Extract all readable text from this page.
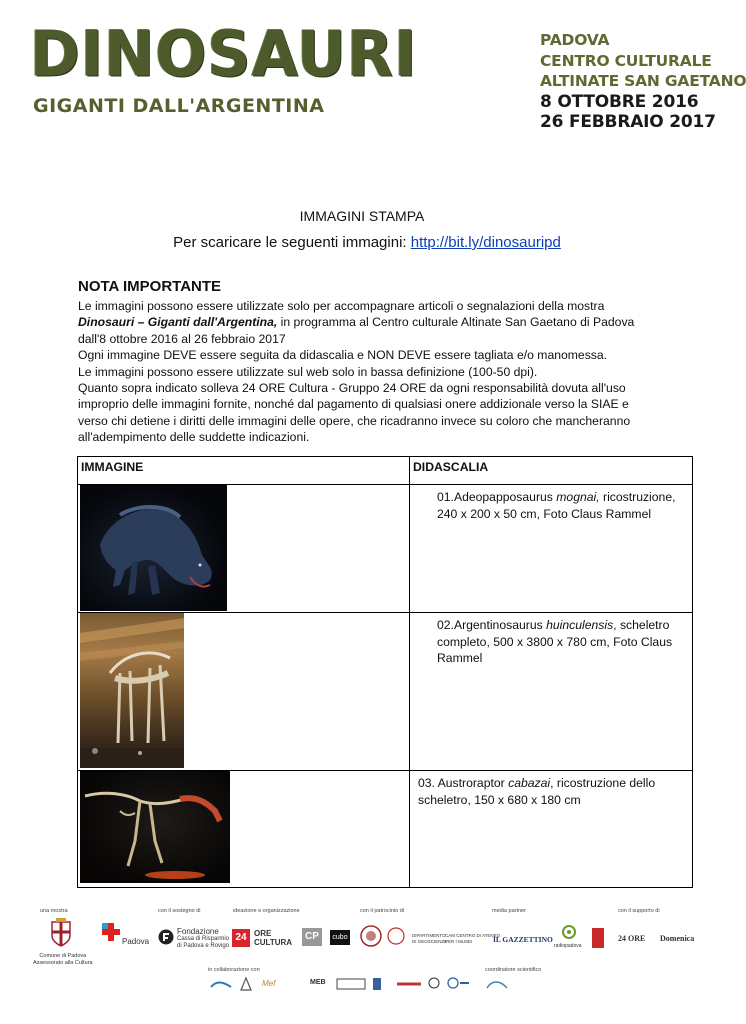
DINOSAURI
GIGANTI DALL'ARGENTINA
PADOVA
CENTRO CULTURALE
ALTINATE SAN GAETANO
8 OTTOBRE 2016
26 FEBBRAIO 2017
IMMAGINI STAMPA
Per scaricare le seguenti immagini: http://bit.ly/dinosauripd
NOTA IMPORTANTE

Le immagini possono essere utilizzate solo per accompagnare articoli o segnalazioni della mostra Dinosauri – Giganti dall'Argentina, in programma al Centro culturale Altinate San Gaetano di Padova dall'8 ottobre 2016 al 26 febbraio 2017

Ogni immagine DEVE essere seguita da didascalia e NON DEVE essere tagliata e/o manomessa.

Le immagini possono essere utilizzate sul web solo in bassa definizione (100-50 dpi).

Quanto sopra indicato solleva 24 ORE Cultura - Gruppo 24 ORE da ogni responsabilità dovuta all'uso improprio delle immagini fornite, nonché dal pagamento di qualsiasi onere addizionale verso la SIAE e verso chi detiene i diritti delle immagini delle opere, che ricadranno invece su coloro che mancheranno all'adempimento delle suddette indicazioni.

IMMAGINE	DIDASCALIA

01.Adeopapposaurus mognai, ricostruzione, 240 x 200 x 50 cm, Foto Claus Rammel

02.Argentinosaurus huinculensis, scheletro completo, 500 x 3800 x 780 cm, Foto Claus Rammel

03. Austroraptor cabazai, ricostruzione dello scheletro, 150 x 680 x 180 cm
una mostra	con il sostegno di	ideazione e organizzazione	con il patrocinio di	media partner	con il supporto di
Comune di Padova
Assessorato alla Cultura
Padova
Fondazione
Cassa di Risparmio
di Padova e Rovigo
24 ORE
CULTURA
CP	cubo	DIPARTIMENTO
DI GEOSCIENZE
CAM CENTRO DI ATENEO
PER I MUSEI	IL GAZZETTINO
radiopadova
24 ORE Domenica
in collaborazione con	coordinatore scientifico
Mef	MEB
